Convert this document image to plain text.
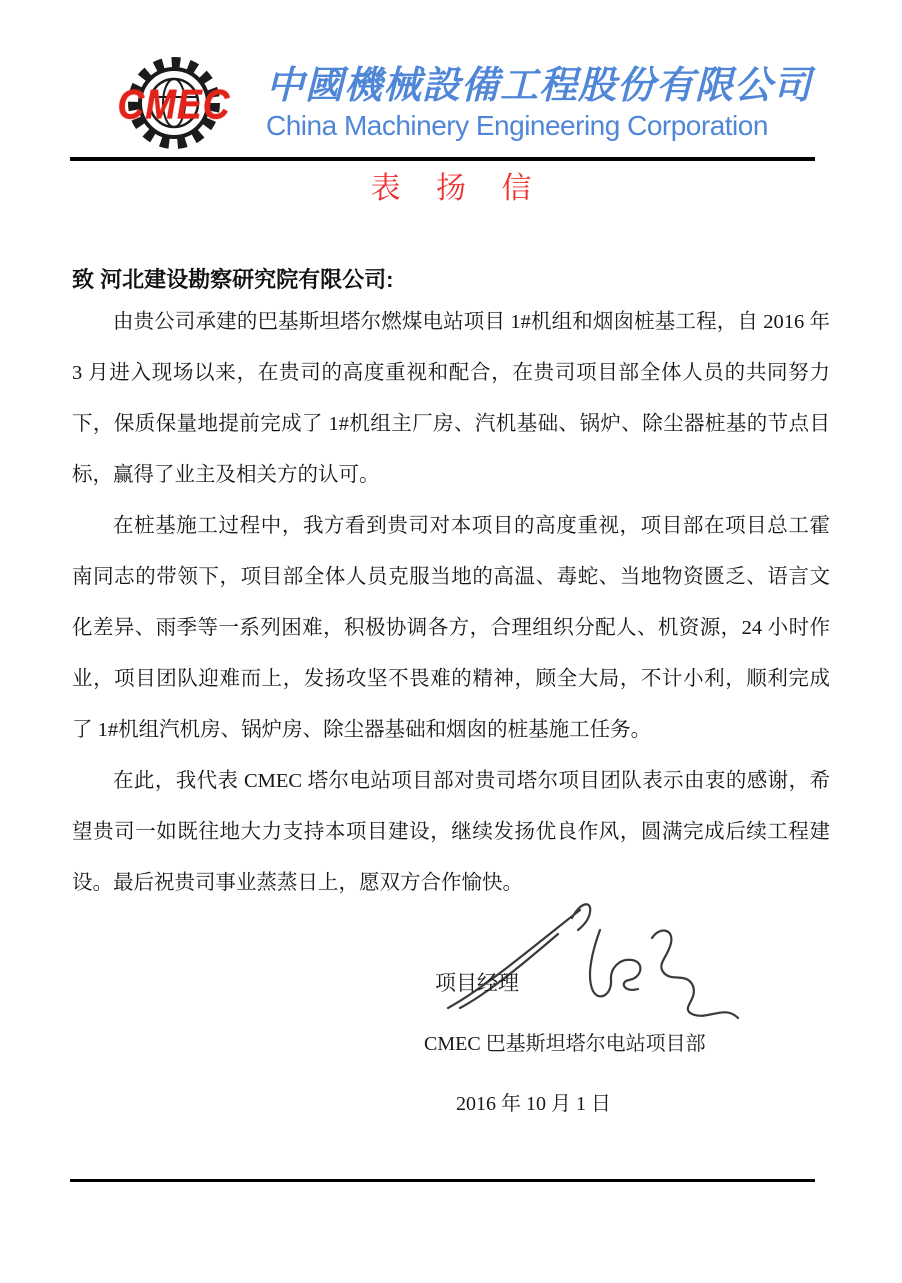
CMEC 中國機械設備工程股份有限公司
China Machinery Engineering Corporation
表 扬 信

致 河北建设勘察研究院有限公司:

由贵公司承建的巴基斯坦塔尔燃煤电站项目 1#机组和烟囱桩基工程，自 2016 年 3 月进入现场以来，在贵司的高度重视和配合，在贵司项目部全体人员的共同努力下，保质保量地提前完成了 1#机组主厂房、汽机基础、锅炉、除尘器桩基的节点目标，赢得了业主及相关方的认可。

在桩基施工过程中，我方看到贵司对本项目的高度重视，项目部在项目总工霍南同志的带领下，项目部全体人员克服当地的高温、毒蛇、当地物资匮乏、语言文化差异、雨季等一系列困难，积极协调各方，合理组织分配人、机资源，24 小时作业，项目团队迎难而上，发扬攻坚不畏难的精神，顾全大局，不计小利，顺利完成了 1#机组汽机房、锅炉房、除尘器基础和烟囱的桩基施工任务。

在此，我代表 CMEC 塔尔电站项目部对贵司塔尔项目团队表示由衷的感谢，希望贵司一如既往地大力支持本项目建设，继续发扬优良作风，圆满完成后续工程建设。最后祝贵司事业蒸蒸日上，愿双方合作愉快。

项目经理
CMEC 巴基斯坦塔尔电站项目部
2016 年 10 月 1 日
